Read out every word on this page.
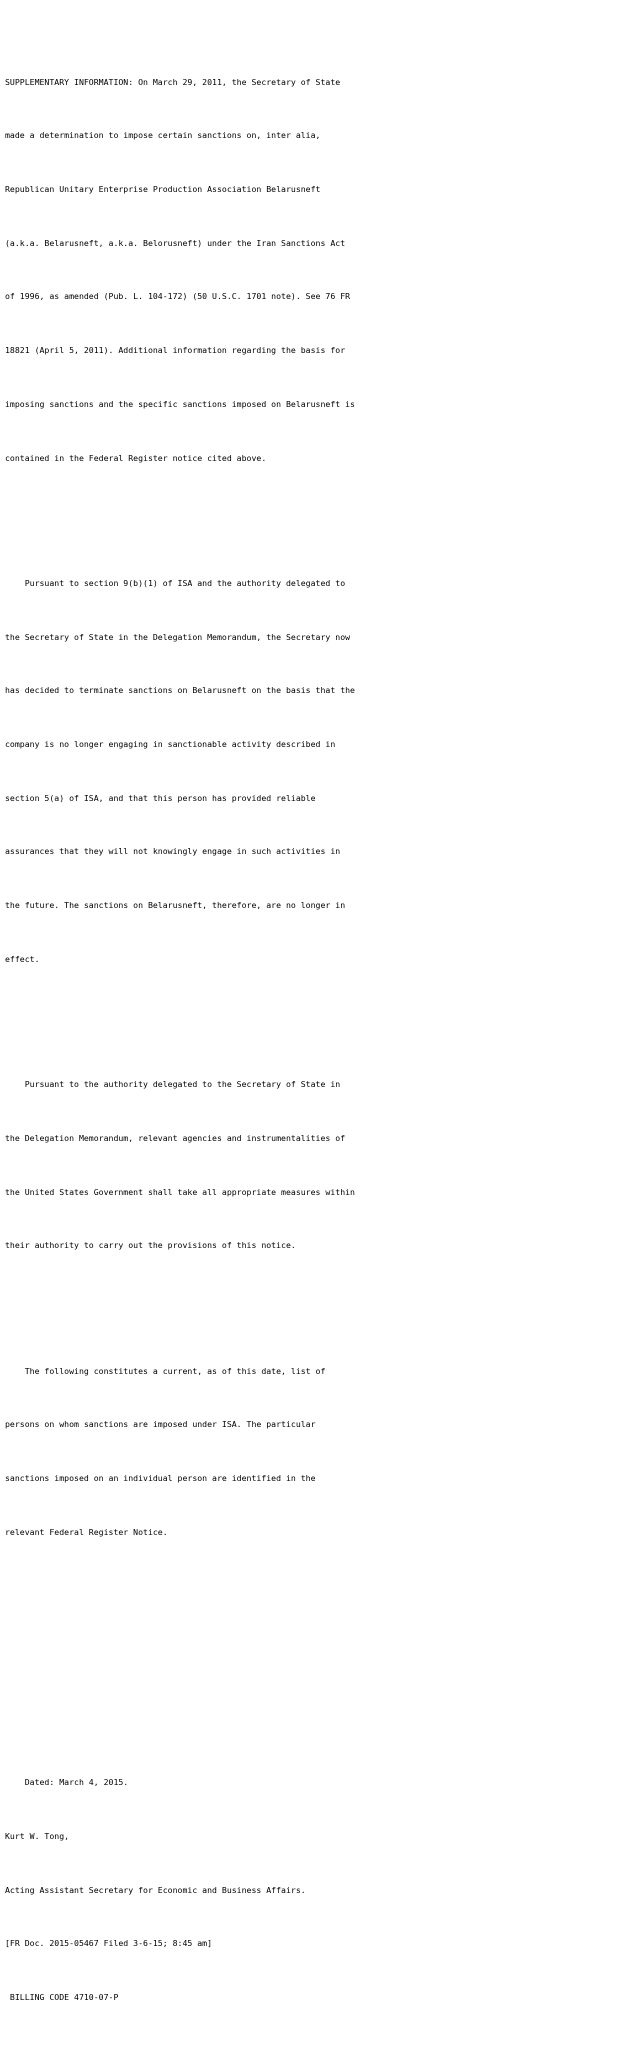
SUPPLEMENTARY INFORMATION: On March 29, 2011, the Secretary of State

made a determination to impose certain sanctions on, inter alia,

Republican Unitary Enterprise Production Association Belarusneft

(a.k.a. Belarusneft, a.k.a. Belorusneft) under the Iran Sanctions Act

of 1996, as amended (Pub. L. 104-172) (50 U.S.C. 1701 note). See 76 FR

18821 (April 5, 2011). Additional information regarding the basis for

imposing sanctions and the specific sanctions imposed on Belarusneft is

contained in the Federal Register notice cited above.

Pursuant to section 9(b)(1) of ISA and the authority delegated to

the Secretary of State in the Delegation Memorandum, the Secretary now

has decided to terminate sanctions on Belarusneft on the basis that the

company is no longer engaging in sanctionable activity described in

section 5(a) of ISA, and that this person has provided reliable

assurances that they will not knowingly engage in such activities in

the future. The sanctions on Belarusneft, therefore, are no longer in

effect.

Pursuant to the authority delegated to the Secretary of State in

the Delegation Memorandum, relevant agencies and instrumentalities of

the United States Government shall take all appropriate measures within

their authority to carry out the provisions of this notice.

The following constitutes a current, as of this date, list of

persons on whom sanctions are imposed under ISA. The particular

sanctions imposed on an individual person are identified in the

relevant Federal Register Notice.

Dated: March 4, 2015.

Kurt W. Tong,

Acting Assistant Secretary for Economic and Business Affairs.

[FR Doc. 2015-05467 Filed 3-6-15; 8:45 am]

BILLING CODE 4710-07-P
